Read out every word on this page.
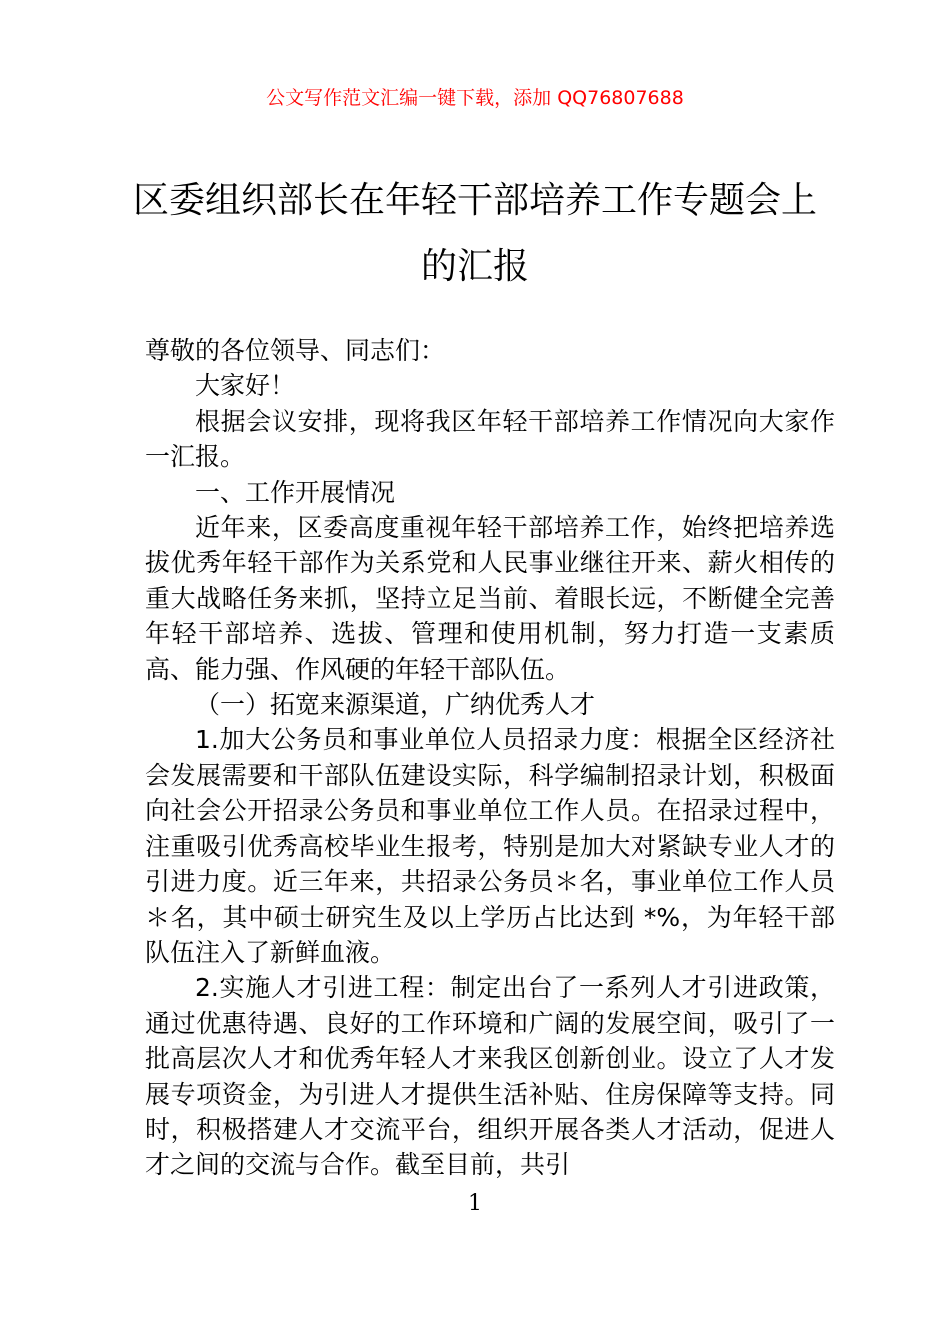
公文写作范文汇编一键下载，添加 QQ76807688

区委组织部长在年轻干部培养工作专题会上的汇报

尊敬的各位领导、同志们：

大家好！

根据会议安排，现将我区年轻干部培养工作情况向大家作一汇报。

一、工作开展情况

近年来，区委高度重视年轻干部培养工作，始终把培养选拔优秀年轻干部作为关系党和人民事业继往开来、薪火相传的重大战略任务来抓，坚持立足当前、着眼长远，不断健全完善年轻干部培养、选拔、管理和使用机制，努力打造一支素质高、能力强、作风硬的年轻干部队伍。

（一）拓宽来源渠道，广纳优秀人才

1.加大公务员和事业单位人员招录力度：根据全区经济社会发展需要和干部队伍建设实际，科学编制招录计划，积极面向社会公开招录公务员和事业单位工作人员。在招录过程中，注重吸引优秀高校毕业生报考，特别是加大对紧缺专业人才的引进力度。近三年来，共招录公务员＊名，事业单位工作人员＊名，其中硕士研究生及以上学历占比达到 *%，为年轻干部队伍注入了新鲜血液。

2.实施人才引进工程：制定出台了一系列人才引进政策，通过优惠待遇、良好的工作环境和广阔的发展空间，吸引了一批高层次人才和优秀年轻人才来我区创新创业。设立了人才发展专项资金，为引进人才提供生活补贴、住房保障等支持。同时，积极搭建人才交流平台，组织开展各类人才活动，促进人才之间的交流与合作。截至目前，共引

1
